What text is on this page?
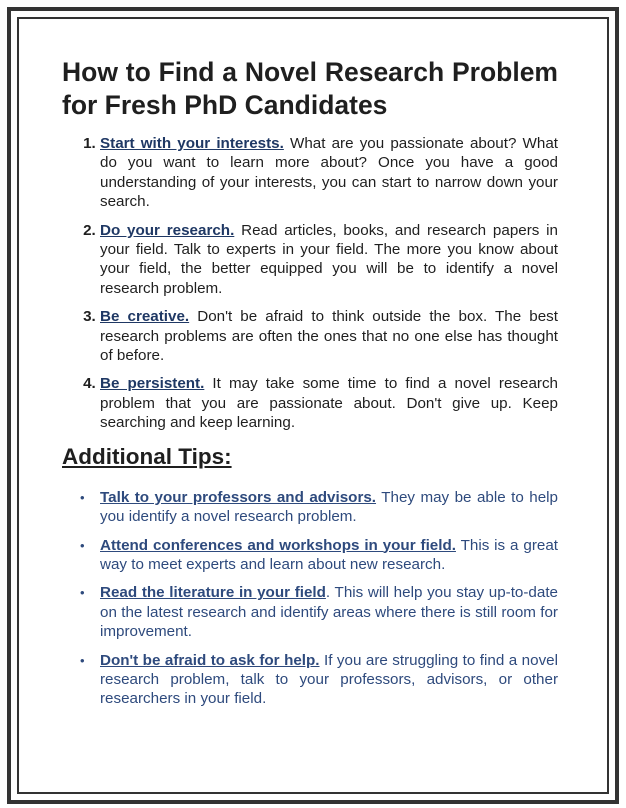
How to Find a Novel Research Problem for Fresh PhD Candidates
1. Start with your interests. What are you passionate about? What do you want to learn more about? Once you have a good understanding of your interests, you can start to narrow down your search.
2. Do your research. Read articles, books, and research papers in your field. Talk to experts in your field. The more you know about your field, the better equipped you will be to identify a novel research problem.
3. Be creative. Don't be afraid to think outside the box. The best research problems are often the ones that no one else has thought of before.
4. Be persistent. It may take some time to find a novel research problem that you are passionate about. Don't give up. Keep searching and keep learning.
Additional Tips:
• Talk to your professors and advisors. They may be able to help you identify a novel research problem.
• Attend conferences and workshops in your field. This is a great way to meet experts and learn about new research.
• Read the literature in your field. This will help you stay up-to-date on the latest research and identify areas where there is still room for improvement.
• Don't be afraid to ask for help. If you are struggling to find a novel research problem, talk to your professors, advisors, or other researchers in your field.
